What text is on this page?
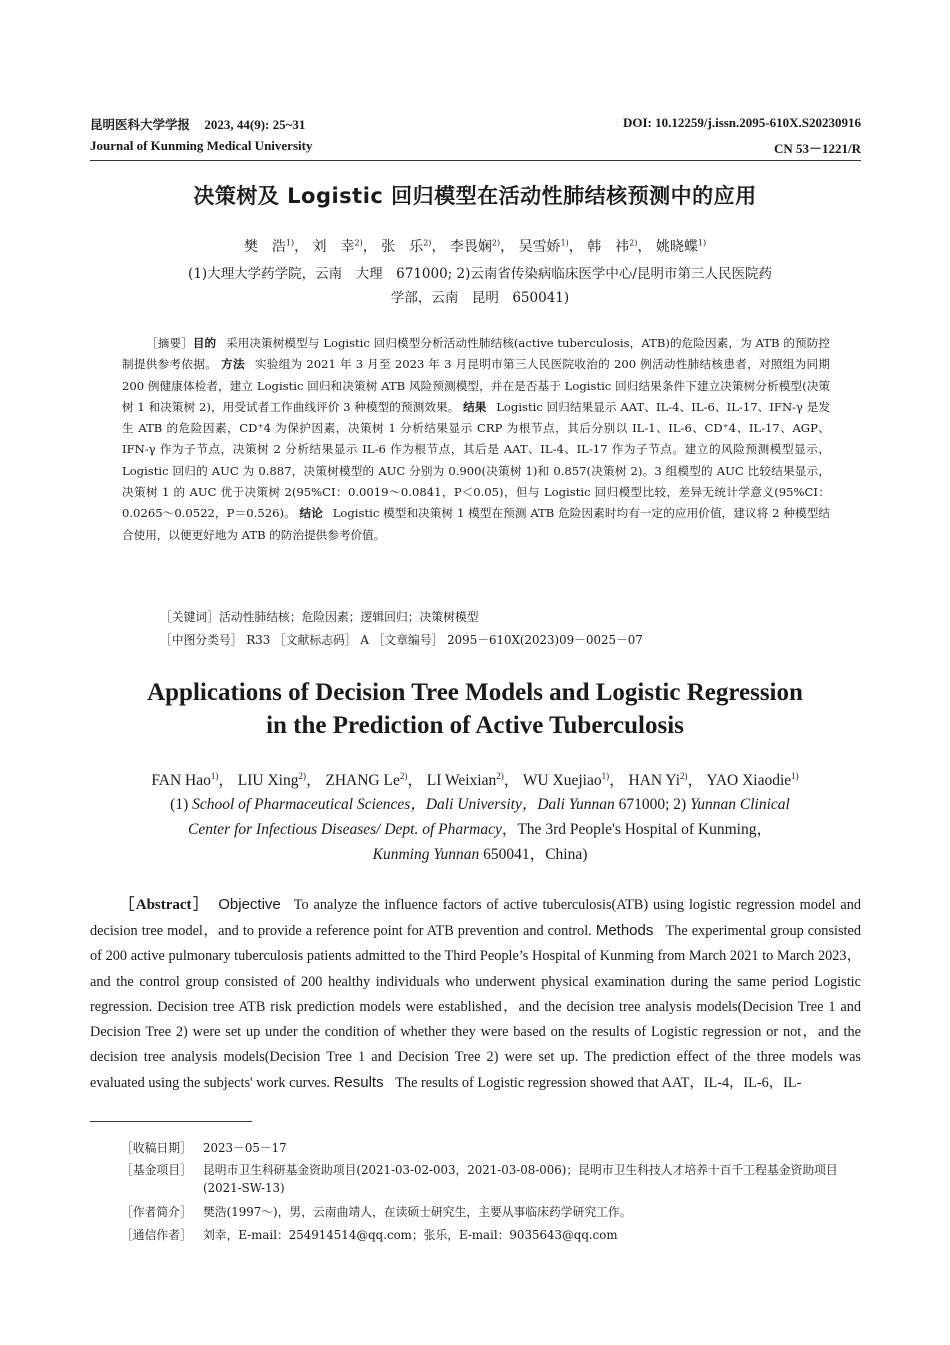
昆明医科大学学报 2023, 44(9): 25~31	DOI: 10.12259/j.issn.2095-610X.S20230916
Journal of Kunming Medical University	CN 53－1221/R
决策树及 Logistic 回归模型在活动性肺结核预测中的应用
樊　浩$^{1)}$， 刘　幸$^{2)}$， 张　乐$^{2)}$， 李畏娴$^{2)}$， 吴雪娇$^{1)}$， 韩　祎$^{2)}$， 姚晓蝶$^{1)}$
(1)大理大学药学院，云南　大理　671000; 2)云南省传染病临床医学中心/昆明市第三人民医院药
学部，云南　昆明　650041)
［摘要］目的 采用决策树模型与 Logistic 回归模型分析活动性肺结核(active tuberculosis，ATB)的危险因素，为 ATB 的预防控制提供参考依据。 方法 实验组为 2021 年 3 月至 2023 年 3 月昆明市第三人民医院收治的 200 例活动性肺结核患者，对照组为同期 200 例健康体检者，建立 Logistic 回归和决策树 ATB 风险预测模型，并在是否基于 Logistic 回归结果条件下建立决策树分析模型(决策树 1 和决策树 2)，用受试者工作曲线评价 3 种模型的预测效果。 结果 Logistic 回归结果显示 AAT、IL-4、IL-6、IL-17、IFN-γ 是发生 ATB 的危险因素，CD⁺4 为保护因素，决策树 1 分析结果显示 CRP 为根节点，其后分别以 IL-1、IL-6、CD⁺4、IL-17、AGP、IFN-γ 作为子节点，决策树 2 分析结果显示 IL-6 作为根节点，其后是 AAT、IL-4、IL-17 作为子节点。建立的风险预测模型显示，Logistic 回归的 AUC 为 0.887，决策树模型的 AUC 分别为 0.900(决策树 1)和 0.857(决策树 2)。3 组模型的 AUC 比较结果显示，决策树 1 的 AUC 优于决策树 2(95%CI：0.0019～0.0841，P＜0.05)，但与 Logistic 回归模型比较，差异无统计学意义(95%CI：0.0265～0.0522，P＝0.526)。 结论 Logistic 模型和决策树 1 模型在预测 ATB 危险因素时均有一定的应用价值，建议将 2 种模型结合使用，以便更好地为 ATB 的防治提供参考价值。
［关键词］活动性肺结核；危险因素；逻辑回归；决策树模型
［中图分类号］ R33 ［文献标志码］ A ［文章编号］ 2095－610X(2023)09－0025－07
Applications of Decision Tree Models and Logistic Regression
in the Prediction of Active Tuberculosis
FAN Hao$^{1)}$， LIU Xing$^{2)}$， ZHANG Le$^{2)}$， LI Weixian$^{2)}$， WU Xuejiao$^{1)}$， HAN Yi$^{2)}$， YAO Xiaodie$^{1)}$
(1) School of Pharmaceutical Sciences，Dali University，Dali Yunnan 671000; 2) Yunnan Clinical
Center for Infectious Diseases/ Dept. of Pharmacy，The 3rd People's Hospital of Kunming，
Kunming Yunnan 650041，China)
［Abstract］ Objective To analyze the influence factors of active tuberculosis(ATB) using logistic regression model and decision tree model，and to provide a reference point for ATB prevention and control. Methods The experimental group consisted of 200 active pulmonary tuberculosis patients admitted to the Third People’s Hospital of Kunming from March 2021 to March 2023，and the control group consisted of 200 healthy individuals who underwent physical examination during the same period Logistic regression. Decision tree ATB risk prediction models were established，and the decision tree analysis models(Decision Tree 1 and Decision Tree 2) were set up under the condition of whether they were based on the results of Logistic regression or not，and the decision tree analysis models(Decision Tree 1 and Decision Tree 2) were set up. The prediction effect of the three models was evaluated using the subjects' work curves. Results The results of Logistic regression showed that AAT，IL-4，IL-6，IL-
［收稿日期］ 2023－05－17
［基金项目］ 昆明市卫生科研基金资助项目(2021-03-02-003，2021-03-08-006)；昆明市卫生科技人才培养十百千工程基金资助项目(2021-SW-13)
［作者简介］ 樊浩(1997～)，男，云南曲靖人，在读硕士研究生，主要从事临床药学研究工作。
［通信作者］ 刘幸，E-mail：254914514@qq.com；张乐，E-mail：9035643@qq.com
